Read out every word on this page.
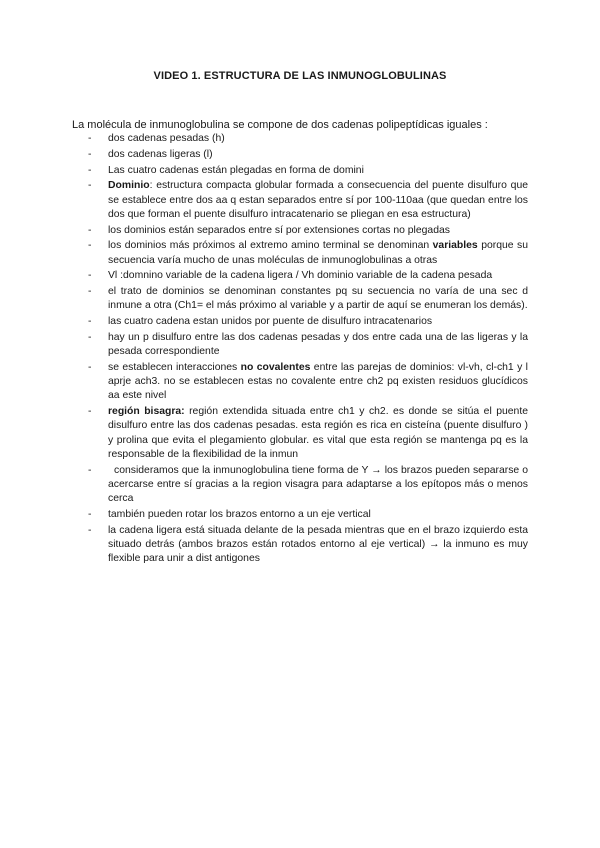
VIDEO 1. ESTRUCTURA DE LAS INMUNOGLOBULINAS
La molécula de inmunoglobulina se compone de dos cadenas polipeptídicas iguales :
- dos cadenas pesadas (h)
- dos cadenas ligeras (l)
- Las cuatro cadenas están plegadas en forma de domini
- Dominio: estructura compacta globular formada a consecuencia del puente disulfuro que se establece entre dos aa q estan separados entre sí por 100-110aa (que quedan entre los dos que forman el puente disulfuro intracatenario se pliegan en esa estructura)
- los dominios están separados entre sí por extensiones cortas no plegadas
- los dominios más próximos al extremo amino terminal se denominan variables porque su secuencia varía mucho de unas moléculas de inmunoglobulinas a otras
- Vl :domnino variable de la cadena ligera / Vh dominio variable de la cadena pesada
- el trato de dominios se denominan constantes pq su secuencia no varía de una sec d inmune a otra (Ch1= el más próximo al variable y a partir de aquí se enumeran los demás).
- las cuatro cadena estan unidos por puente de disulfuro intracatenarios
- hay un p disulfuro entre las dos cadenas pesadas y dos entre cada una de las ligeras y la pesada correspondiente
- se establecen interacciones no covalentes entre las parejas de dominios: vl-vh, cl-ch1 y l aprje ach3. no se establecen estas no covalente entre ch2 pq existen residuos glucídicos aa este nivel
- región bisagra: región extendida situada entre ch1 y ch2. es donde se sitúa el puente disulfuro entre las dos cadenas pesadas. esta región es rica en cisteína (puente disulfuro ) y prolina que evita el plegamiento globular. es vital que esta región se mantenga pq es la responsable de la flexibilidad de la inmun
- consideramos que la inmunoglobulina tiene forma de Y → los brazos pueden separarse o acercarse entre sí gracias a la region visagra para adaptarse a los epítopos más o menos cerca
- también pueden rotar los brazos entorno a un eje vertical
- la cadena ligera está situada delante de la pesada mientras que en el brazo izquierdo esta situado detrás (ambos brazos están rotados entorno al eje vertical) → la inmuno es muy flexible para unir a dist antigones
